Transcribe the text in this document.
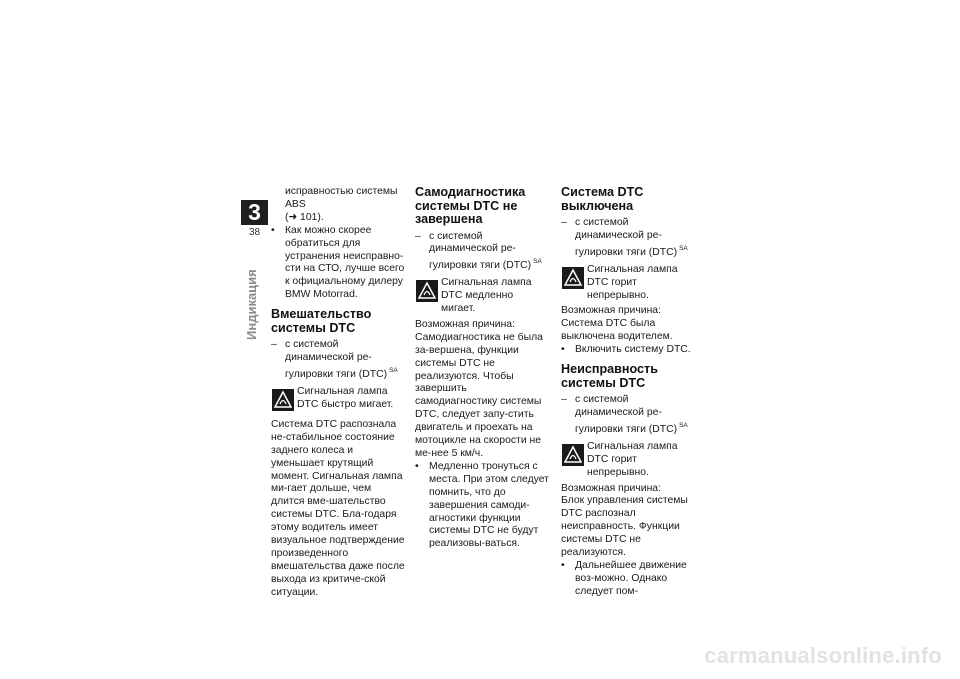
3
38
Индикация

исправностью системы ABS

(➜ 101).

• Как можно скорее обратиться для устранения неисправно-сти на СТО, лучше всего к официальному дилеру BMW Motorrad.

Вмешательство системы DTC

– с системой динамической ре-гулировки тяги (DTC) $^{SA}$

Сигнальная лампа DTC быстро мигает.

Система DTC распознала не-стабильное состояние заднего колеса и уменьшает крутящий момент. Сигнальная лампа ми-гает дольше, чем длится вме-шательство системы DTC. Бла-годаря этому водитель имеет визуальное подтверждение произведенного вмешательства даже после выхода из критиче-ской ситуации.

Самодиагностика системы DTC не завершена

– с системой динамической ре-гулировки тяги (DTC) $^{SA}$

Сигнальная лампа DTC медленно мигает.

Возможная причина:

Самодиагностика не была за-вершена, функции системы DTC не реализуются. Чтобы завершить самодиагностику системы DTC, следует запу-стить двигатель и проехать на мотоцикле на скорости не ме-нее 5 км/ч.

• Медленно тронуться с места. При этом следует помнить, что до завершения самоди-агностики функции системы DTC не будут реализовы-ваться.

Система DTC выключена

– с системой динамической ре-гулировки тяги (DTC) $^{SA}$

Сигнальная лампа DTC горит непрерывно.

Возможная причина:

Система DTC была выключена водителем.

• Включить систему DTC.

Неисправность системы DTC

– с системой динамической ре-гулировки тяги (DTC) $^{SA}$

Сигнальная лампа DTC горит непрерывно.

Возможная причина:

Блок управления системы DTC распознал неисправность. Функции системы DTC не реализуются.

• Дальнейшее движение воз-можно. Однако следует пом-

carmanualsonline.info
